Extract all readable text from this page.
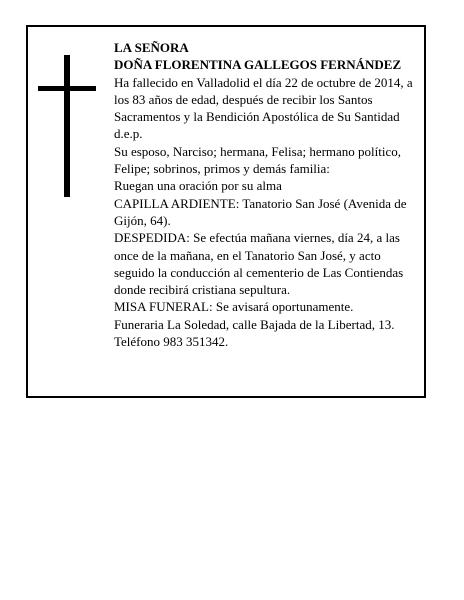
LA SEÑORA

DOÑA FLORENTINA GALLEGOS FERNÁNDEZ

Ha fallecido en Valladolid el día 22 de octubre de 2014, a los 83 años de edad, después de recibir los Santos Sacramentos y la Bendición Apostólica de Su Santidad d.e.p.

Su esposo, Narciso; hermana, Felisa; hermano político, Felipe; sobrinos, primos y demás familia:

Ruegan una oración por su alma

CAPILLA ARDIENTE: Tanatorio San José (Avenida de Gijón, 64).

DESPEDIDA: Se efectúa mañana viernes, día 24, a las once de la mañana, en el Tanatorio San José, y acto seguido la conducción al cementerio de Las Contiendas donde recibirá cristiana sepultura.

MISA FUNERAL: Se avisará oportunamente.

Funeraria La Soledad, calle Bajada de la Libertad, 13. Teléfono 983 351342.
